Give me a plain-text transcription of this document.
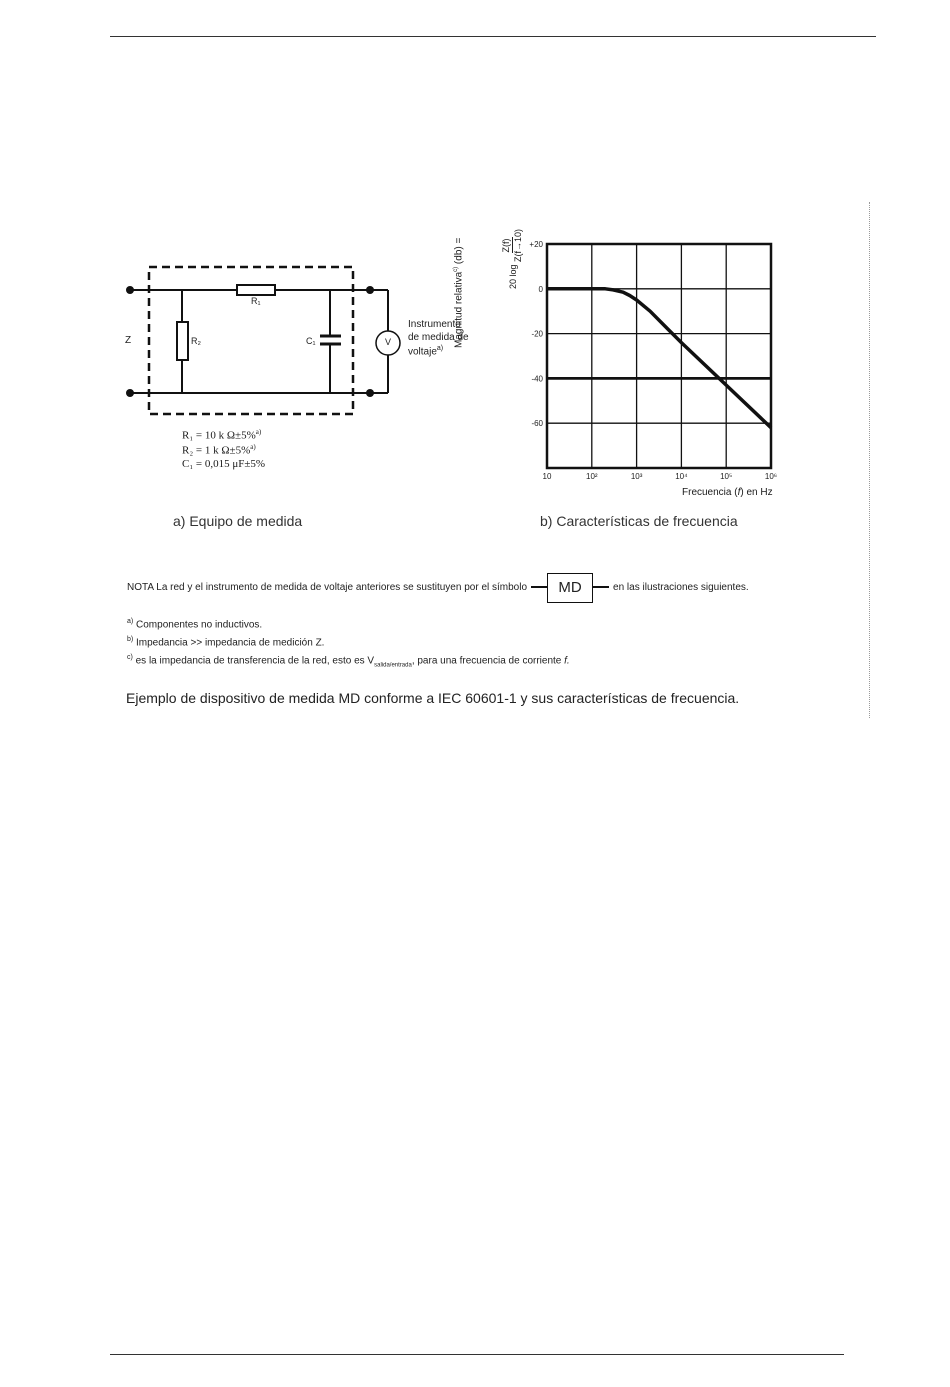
Z
R₁
R₂	C₁	V
Instrumento
de medida de
voltaje$^{a)}$
R₁ = 10 k Ω±5%$^{a)}$
R₂ = 1 k Ω±5%$^{a)}$
C₁ = 0,015 μF±5%
a) Equipo de medida
10	10²	10³	10⁴	10⁵	10⁶
+20
0
-20
-40
-60
Magnitud relativa$^{c)}$ (db) =
20 log

Z(f) Z(f→10)
Frecuencia (f) en Hz
b) Características de frecuencia
NOTA La red y el instrumento de medida de voltaje anteriores se sustituyen por el símbolo	MD	en las ilustraciones siguientes.
$^{a)}$ Componentes no inductivos.
$^{b)}$ Impedancia >> impedancia de medición Z.
$^{c)}$ es la impedancia de transferencia de la red, esto es $V_{salida/entrada}$, para una frecuencia de corriente f.
Ejemplo de dispositivo de medida MD conforme a IEC 60601-1 y sus características de frecuencia.
